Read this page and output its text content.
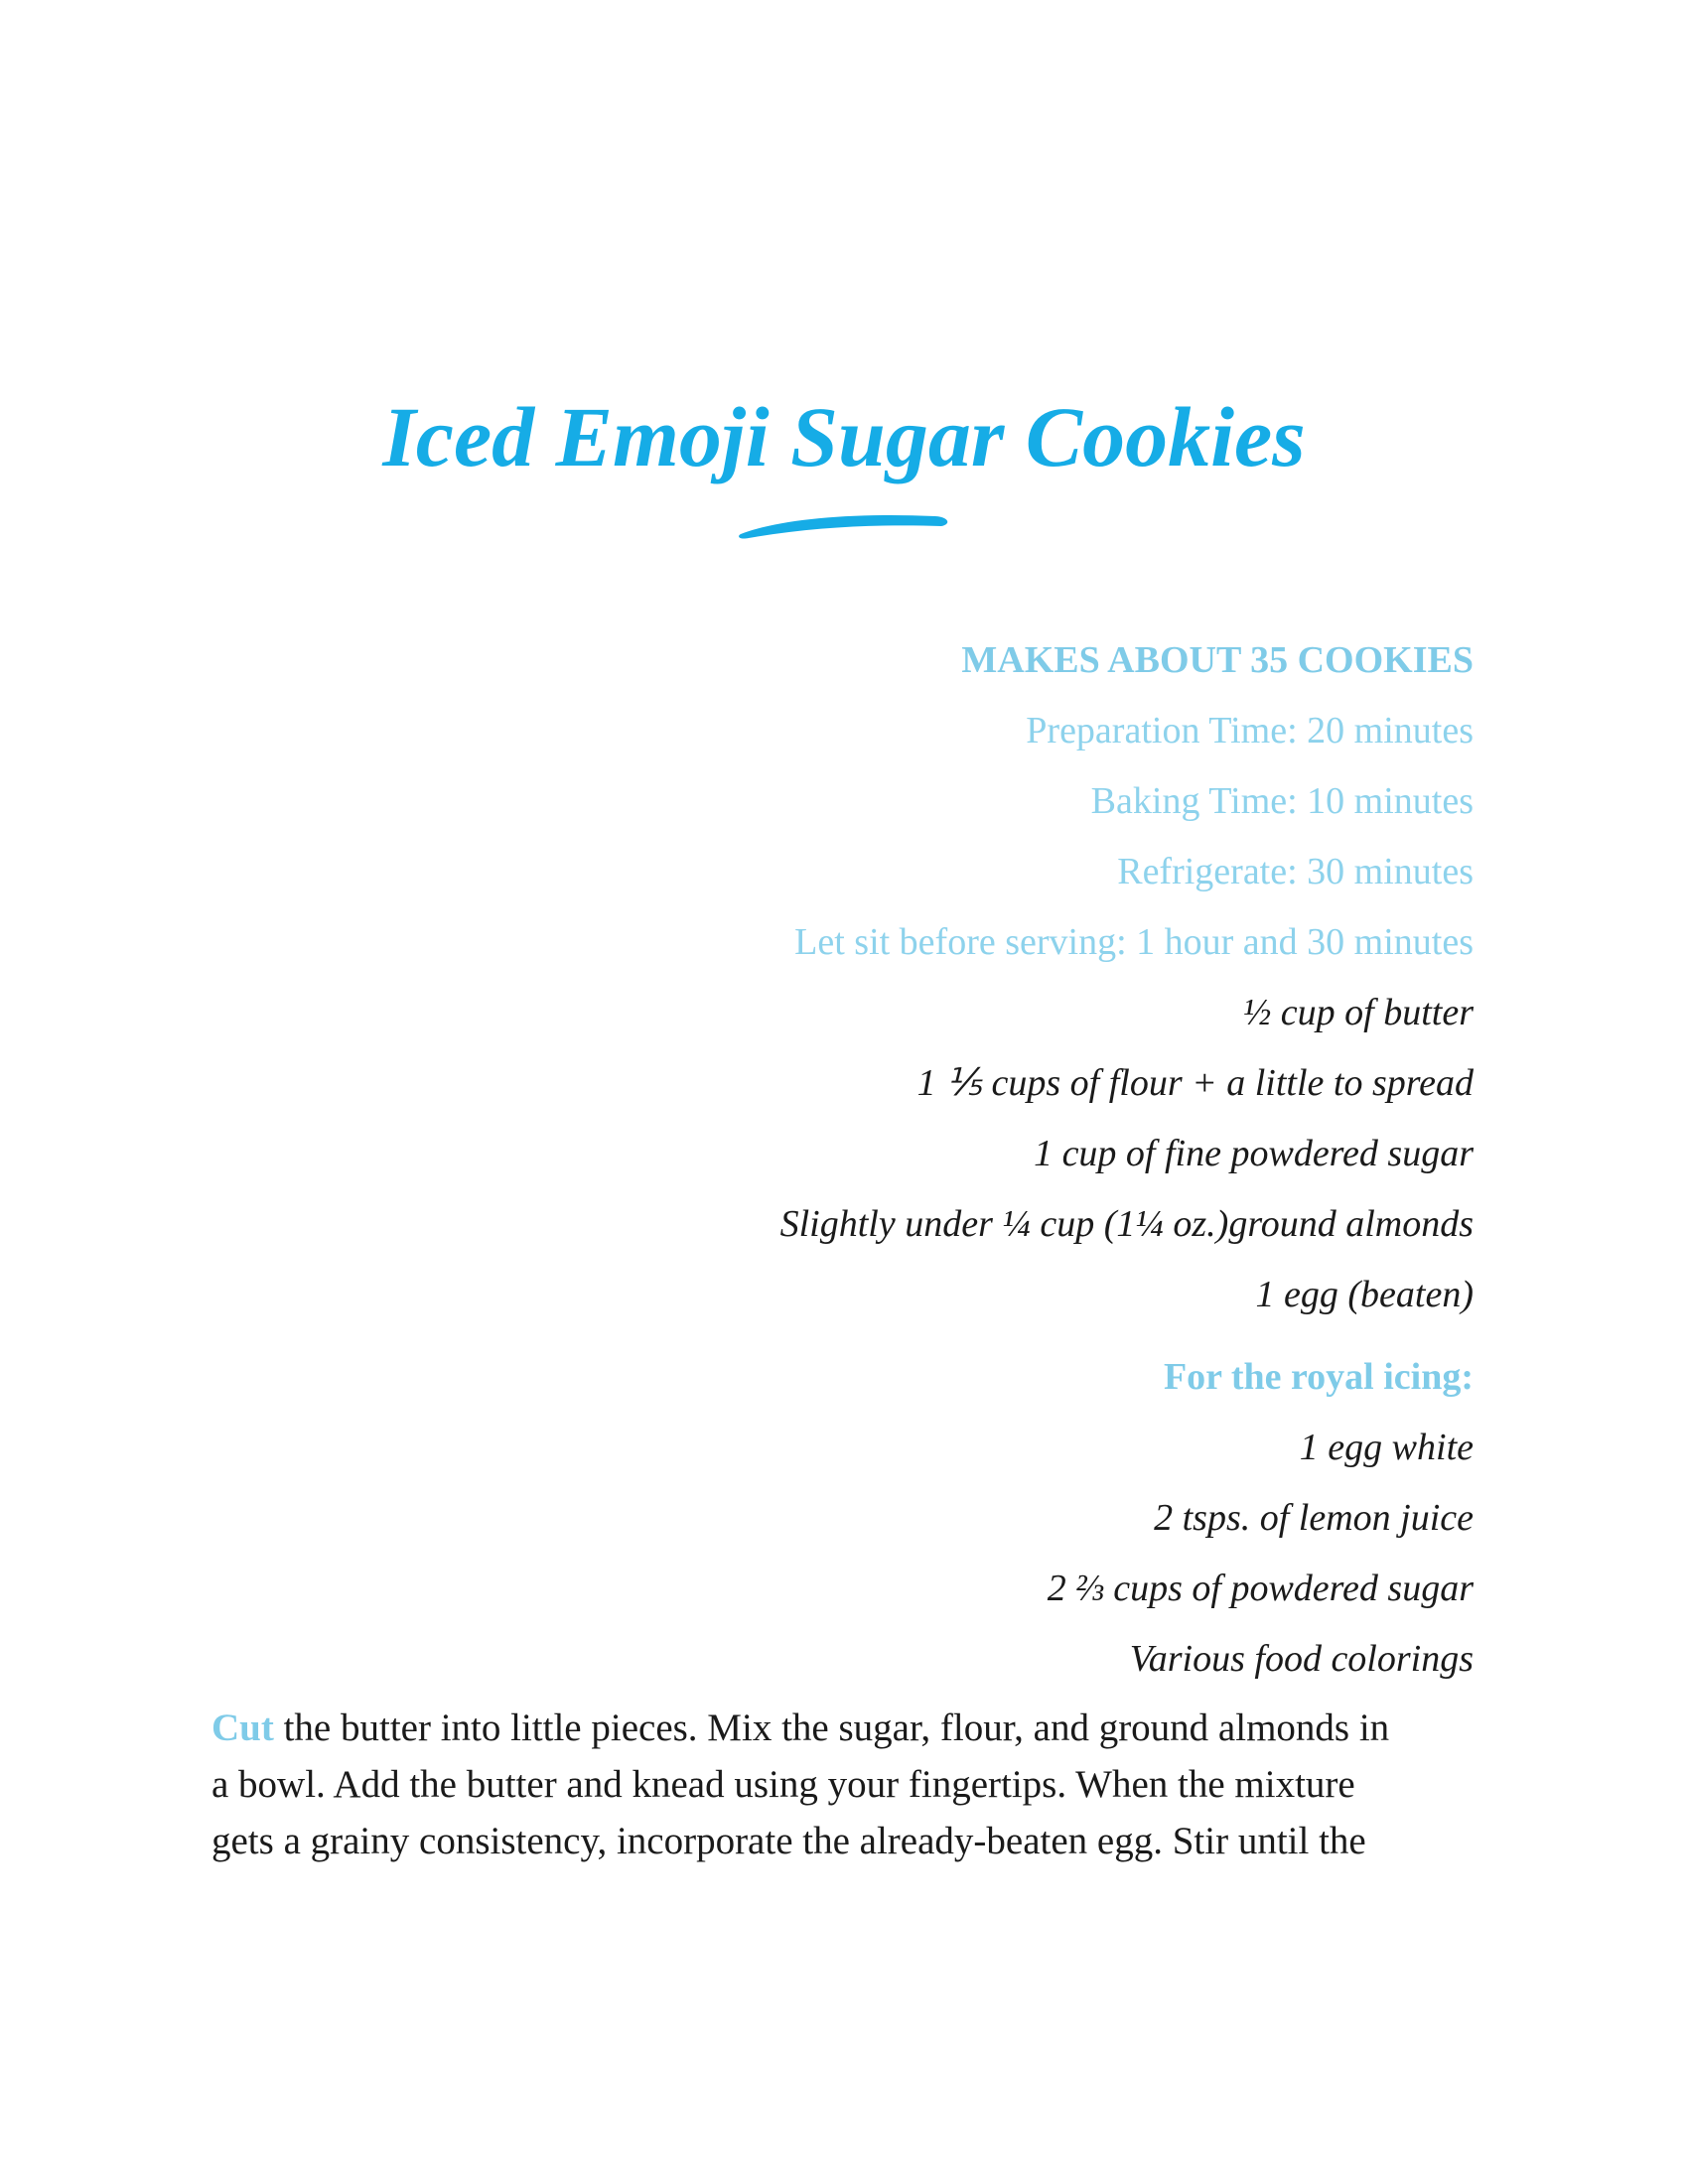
Iced Emoji Sugar Cookies
MAKES ABOUT 35 COOKIES
Preparation Time: 20 minutes
Baking Time: 10 minutes
Refrigerate: 30 minutes
Let sit before serving: 1 hour and 30 minutes
½ cup of butter
1 ⅕ cups of flour + a little to spread
1 cup of fine powdered sugar
Slightly under ¼ cup (1¼ oz.)ground almonds
1 egg (beaten)
For the royal icing:
1 egg white
2 tsps. of lemon juice
2 ⅔ cups of powdered sugar
Various food colorings

Cut the butter into little pieces. Mix the sugar, flour, and ground almonds in
a bowl. Add the butter and knead using your fingertips. When the mixture
gets a grainy consistency, incorporate the already-beaten egg. Stir until the
